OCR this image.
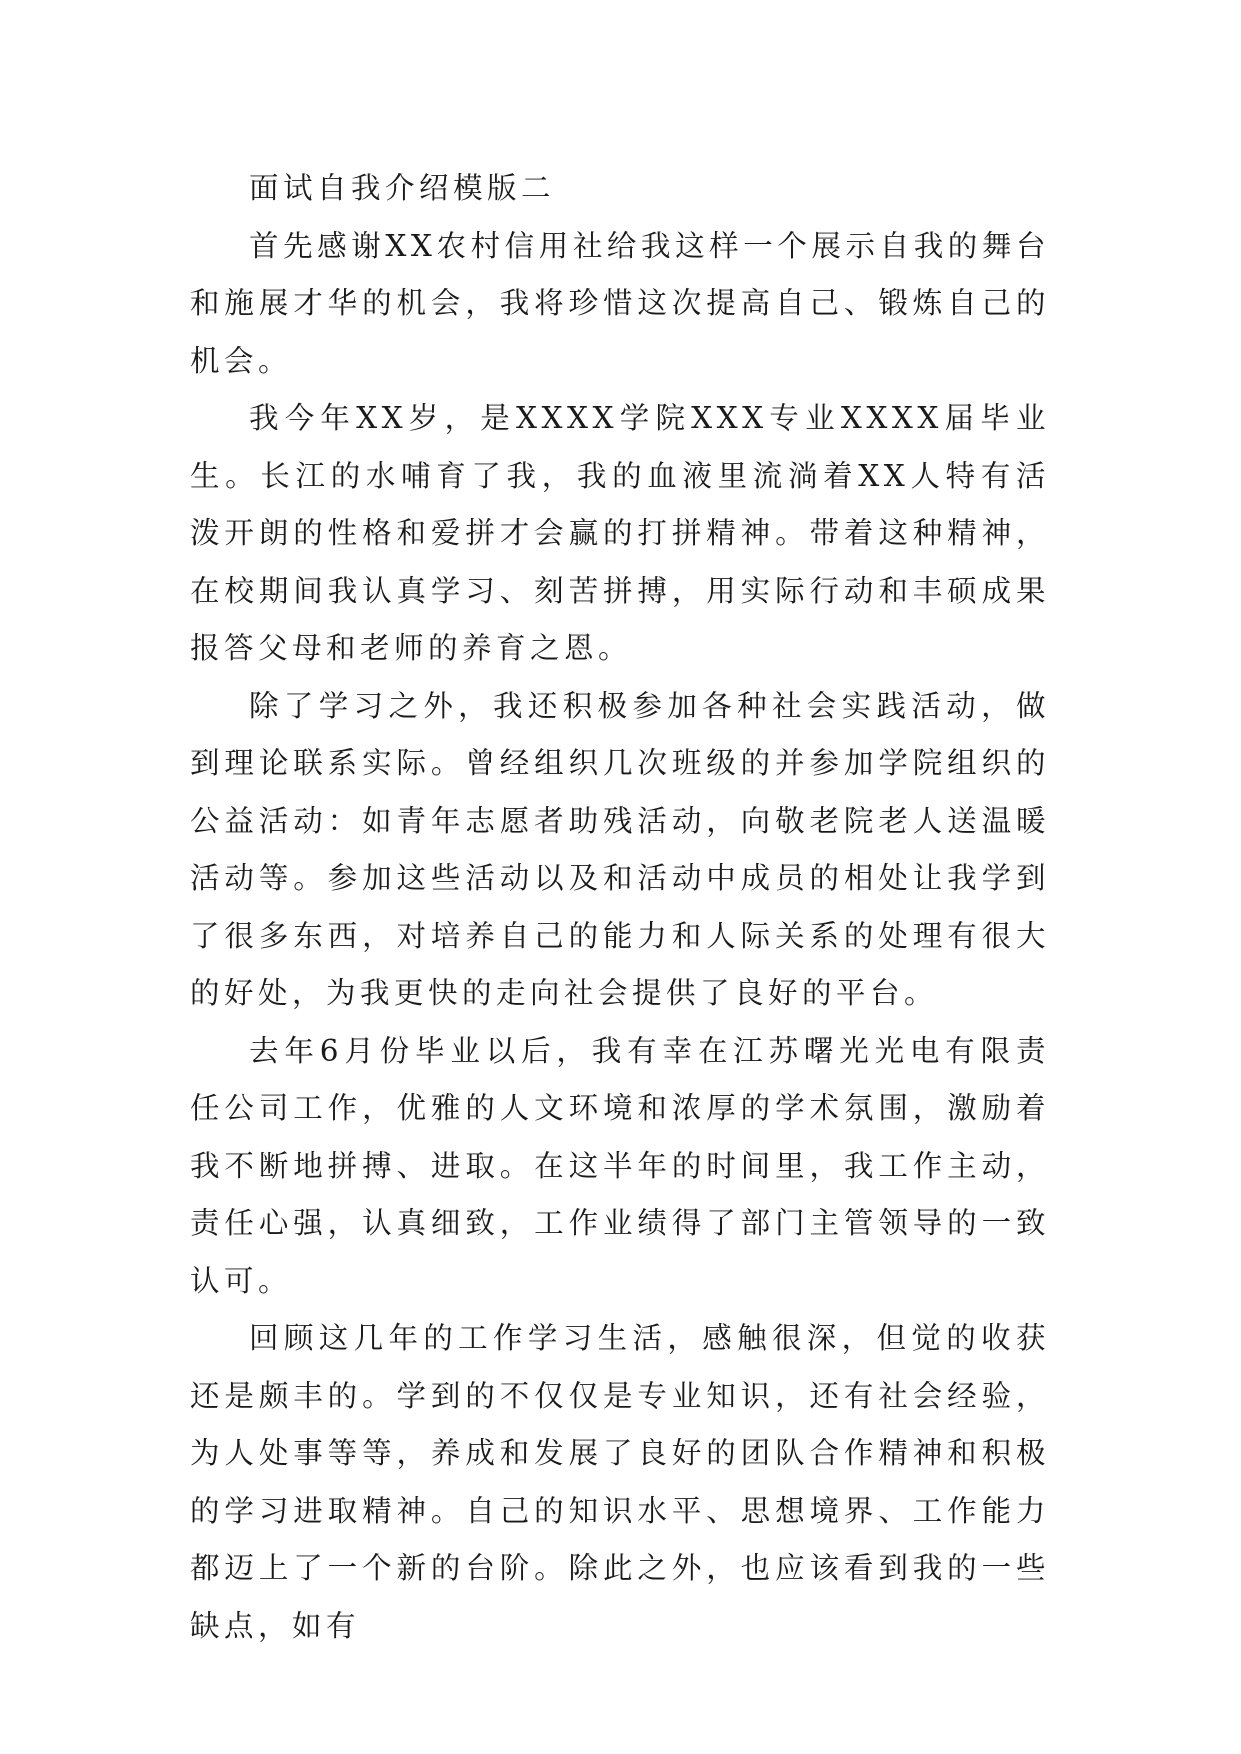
面试自我介绍模版二

首先感谢XX农村信用社给我这样一个展示自我的舞台和施展才华的机会，我将珍惜这次提高自己、锻炼自己的机会。

我今年XX岁，是XXXX学院XXX专业XXXX届毕业生。长江的水哺育了我，我的血液里流淌着XX人特有活泼开朗的性格和爱拼才会赢的打拼精神。带着这种精神，在校期间我认真学习、刻苦拼搏，用实际行动和丰硕成果报答父母和老师的养育之恩。

除了学习之外，我还积极参加各种社会实践活动，做到理论联系实际。曾经组织几次班级的并参加学院组织的公益活动：如青年志愿者助残活动，向敬老院老人送温暖活动等。参加这些活动以及和活动中成员的相处让我学到了很多东西，对培养自己的能力和人际关系的处理有很大的好处，为我更快的走向社会提供了良好的平台。

去年6月份毕业以后，我有幸在江苏曙光光电有限责任公司工作，优雅的人文环境和浓厚的学术氛围，激励着我不断地拼搏、进取。在这半年的时间里，我工作主动，责任心强，认真细致，工作业绩得了部门主管领导的一致认可。

回顾这几年的工作学习生活，感触很深，但觉的收获还是颇丰的。学到的不仅仅是专业知识，还有社会经验，为人处事等等，养成和发展了良好的团队合作精神和积极的学习进取精神。自己的知识水平、思想境界、工作能力都迈上了一个新的台阶。除此之外，也应该看到我的一些缺点，如有
